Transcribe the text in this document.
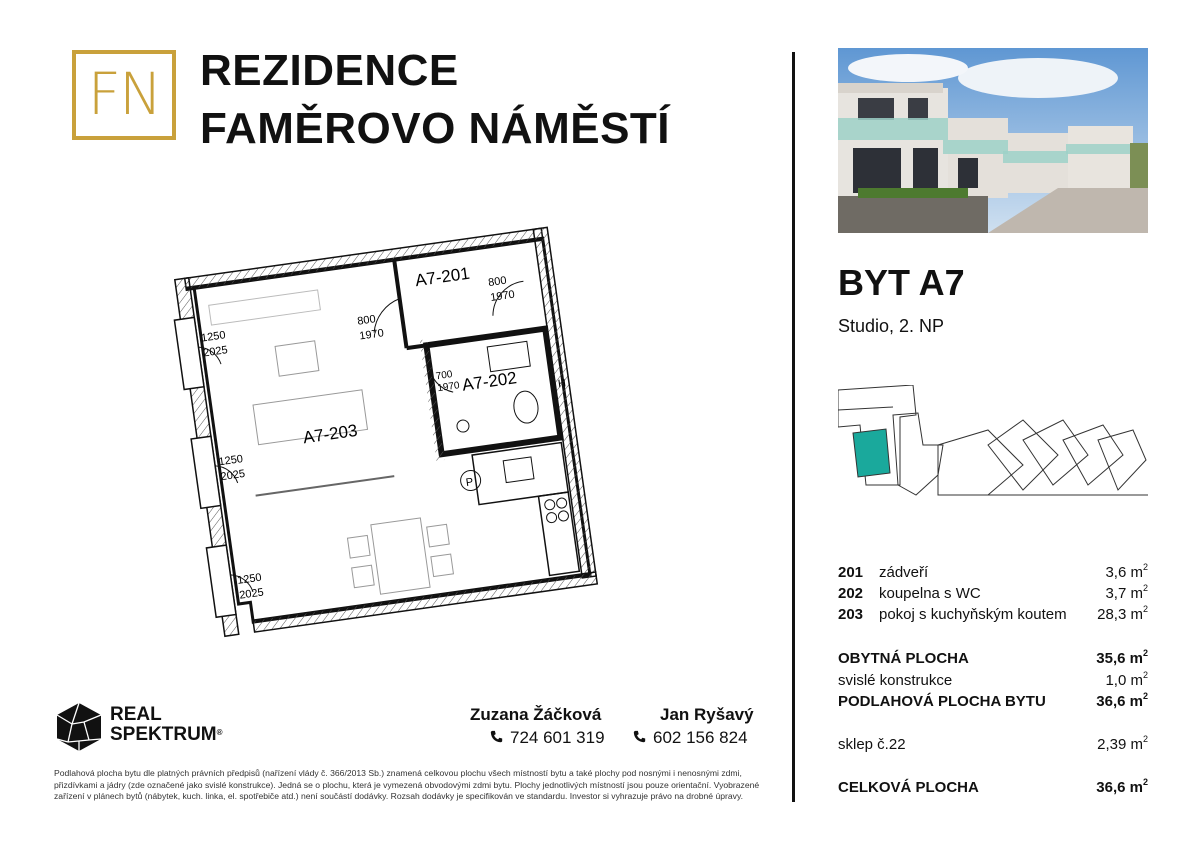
FN REZIDENCE
FAMĚROVO NÁMĚSTÍ
P
A7-201
A7-202
A7-203
800
1970
800
1970
700
1970
1250
2025
1250
2025
1250
2025
H
BYT A7
Studio, 2. NP
201 zádveří	3,6 $m^2$
202 koupelna s WC	3,7 $m^2$
203 pokoj s kuchyňským koutem 28,3 $m^2$
OBYTNÁ PLOCHA	35,6 $m^2$
svislé konstrukce	1,0 $m^2$
PODLAHOVÁ PLOCHA BYTU	36,6 $m^2$
sklep č.22	2,39 $m^2$
CELKOVÁ PLOCHA	36,6 $m^2$
REAL
SPEKTRUM®
Zuzana Žáčková
724 601 319
Jan Ryšavý
602 156 824
Podlahová plocha bytu dle platných právních předpisů (nařízení vlády č. 366/2013 Sb.) znamená celkovou plochu všech místností bytu a také plochy pod nosnými i nenosnými zdmi, přizdívkami a jádry (zde označené jako svislé konstrukce). Jedná se o plochu, která je vymezená obvodovými zdmi bytu. Plochy jednotlivých místností jsou pouze orientační. Vyobrazené zařízení v plánech bytů (nábytek, kuch. linka, el. spotřebiče atd.) není součástí dodávky. Rozsah dodávky je specifikován ve standardu. Investor si vyhrazuje právo na drobné úpravy.
